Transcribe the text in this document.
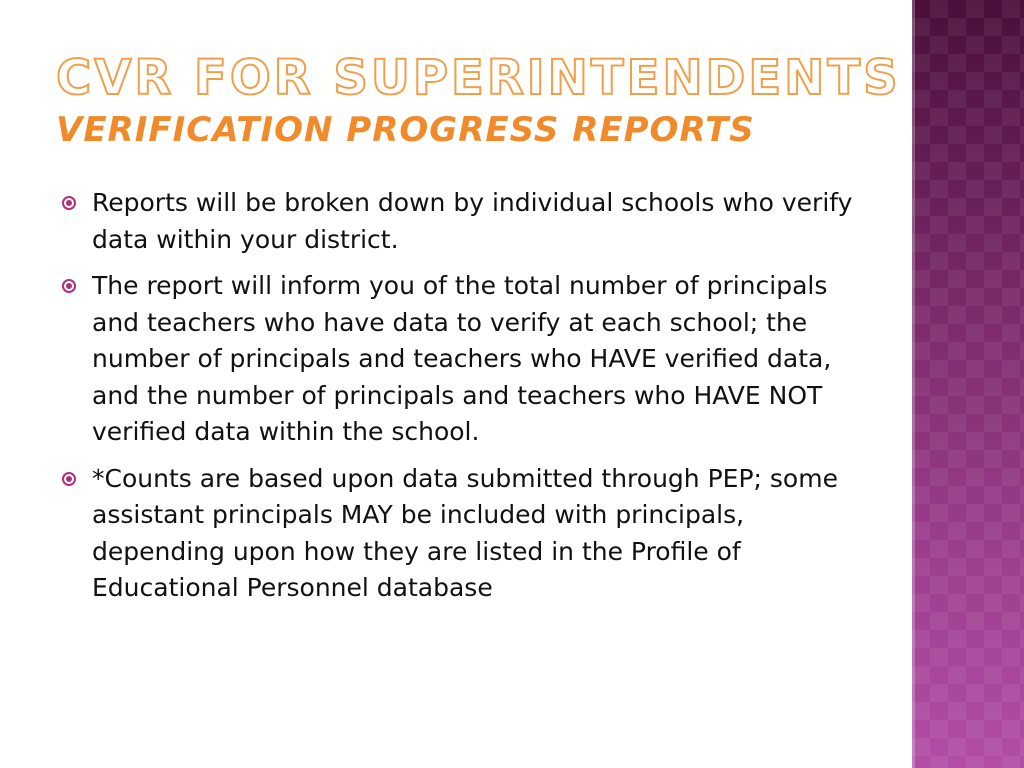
CVR FOR SUPERINTENDENTS
VERIFICATION PROGRESS REPORTS
Reports will be broken down by individual schools who verify data within your district.
The report will inform you of the total number of principals and teachers who have data to verify at each school; the number of principals and teachers who HAVE verified data, and the number of principals and teachers who HAVE NOT verified data within the school.
*Counts are based upon data submitted through PEP; some assistant principals MAY be included with principals, depending upon how they are listed in the Profile of Educational Personnel database
